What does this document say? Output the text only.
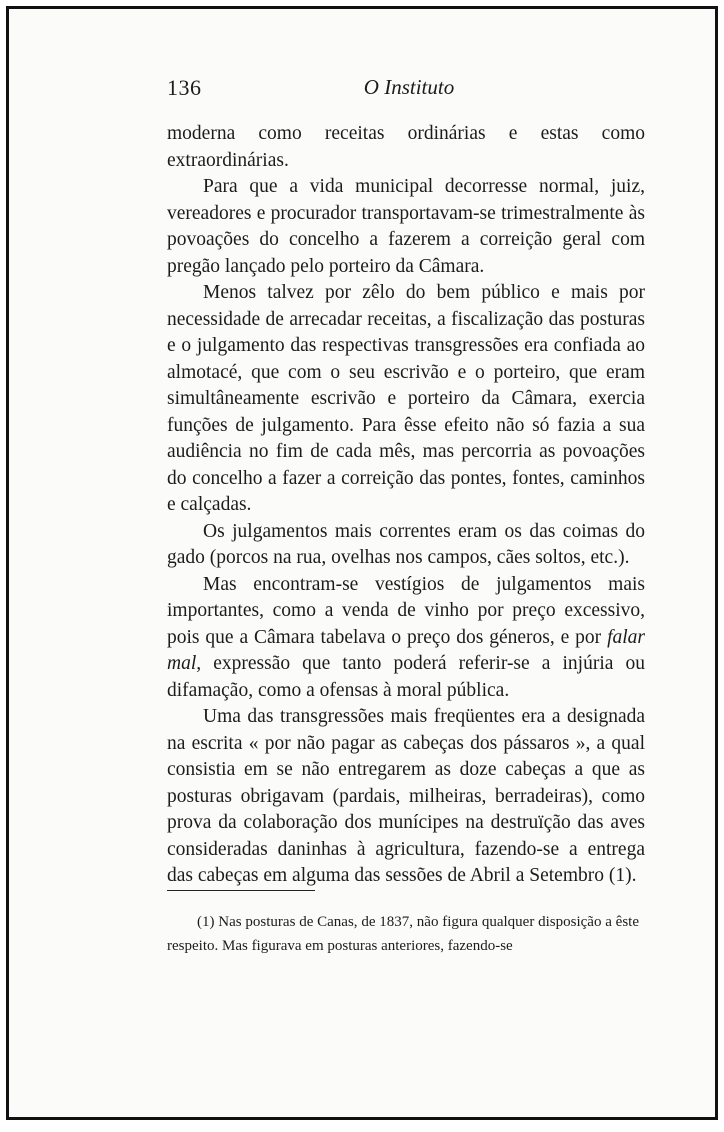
136	O Instituto

moderna como receitas ordinárias e estas como extraordinárias.

Para que a vida municipal decorresse normal, juiz, vereadores e procurador transportavam-se trimestralmente às povoações do concelho a fazerem a correição geral com pregão lançado pelo porteiro da Câmara.

Menos talvez por zêlo do bem público e mais por necessidade de arrecadar receitas, a fiscalização das posturas e o julgamento das respectivas transgressões era confiada ao almotacé, que com o seu escrivão e o porteiro, que eram simultâneamente escrivão e porteiro da Câmara, exercia funções de julgamento. Para êsse efeito não só fazia a sua audiência no fim de cada mês, mas percorria as povoações do concelho a fazer a correição das pontes, fontes, caminhos e calçadas.

Os julgamentos mais correntes eram os das coimas do gado (porcos na rua, ovelhas nos campos, cães soltos, etc.).

Mas encontram-se vestígios de julgamentos mais importantes, como a venda de vinho por preço excessivo, pois que a Câmara tabelava o preço dos géneros, e por falar mal, expressão que tanto poderá referir-se a injúria ou difamação, como a ofensas à moral pública.

Uma das transgressões mais freqüentes era a designada na escrita « por não pagar as cabeças dos pássaros », a qual consistia em se não entregarem as doze cabeças a que as posturas obrigavam (pardais, milheiras, berradeiras), como prova da colaboração dos munícipes na destruïção das aves consideradas daninhas à agricultura, fazendo-se a entrega das cabeças em alguma das sessões de Abril a Setembro (1).

(1) Nas posturas de Canas, de 1837, não figura qualquer disposição a êste respeito. Mas figurava em posturas anteriores, fazendo-se
